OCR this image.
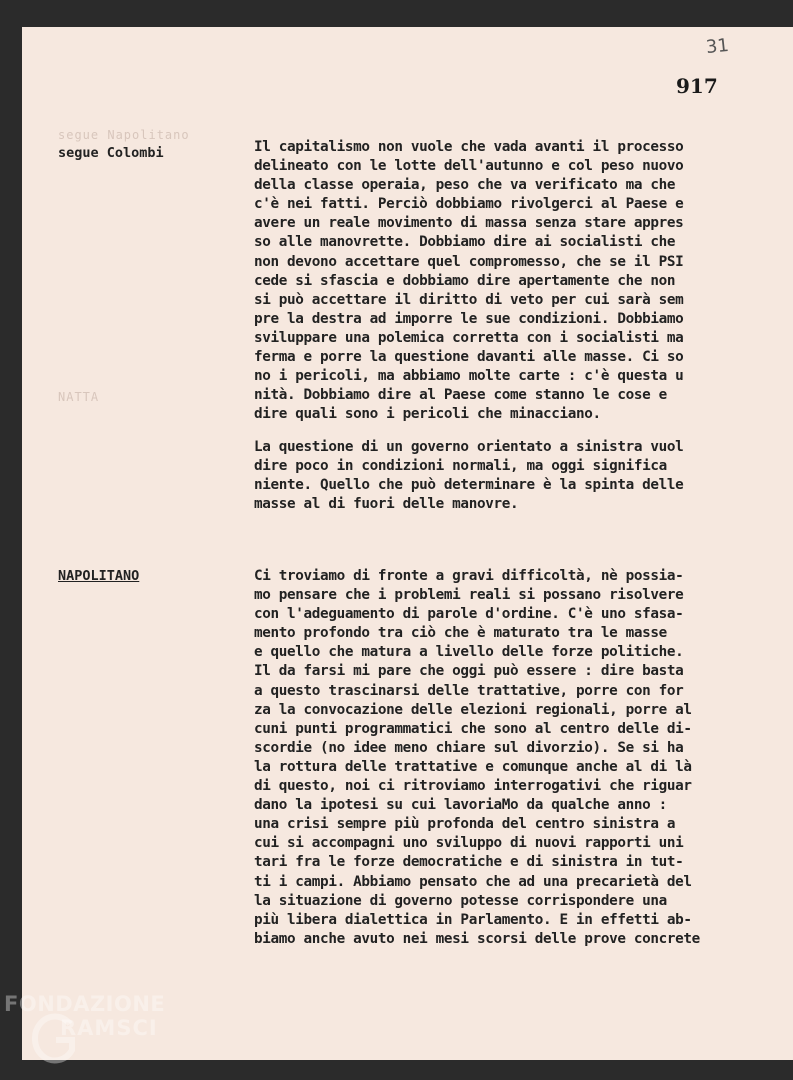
31
917
segue Napolitano
NATTA
segue Colombi	Il capitalismo non vuole che vada avanti il processo
delineato con le lotte dell'autunno e col peso nuovo
della classe operaia, peso che va verificato ma che
c'è nei fatti. Perciò dobbiamo rivolgerci al Paese e
avere un reale movimento di massa senza stare appres
so alle manovrette. Dobbiamo dire ai socialisti che
non devono accettare quel compromesso, che se il PSI
cede si sfascia e dobbiamo dire apertamente che non
si può accettare il diritto di veto per cui sarà sem
pre la destra ad imporre le sue condizioni. Dobbiamo
sviluppare una polemica corretta con i socialisti ma
ferma e porre la questione davanti alle masse. Ci so
no i pericoli, ma abbiamo molte carte : c'è questa u
nità. Dobbiamo dire al Paese come stanno le cose e
dire quali sono i pericoli che minacciano.

La questione di un governo orientato a sinistra vuol
dire poco in condizioni normali, ma oggi significa
niente. Quello che può determinare è la spinta delle
masse al di fuori delle manovre.

NAPOLITANO	Ci troviamo di fronte a gravi difficoltà, nè possia-
mo pensare che i problemi reali si possano risolvere
con l'adeguamento di parole d'ordine. C'è uno sfasa-
mento profondo tra ciò che è maturato tra le masse
e quello che matura a livello delle forze politiche.
Il da farsi mi pare che oggi può essere : dire basta
a questo trascinarsi delle trattative, porre con for
za la convocazione delle elezioni regionali, porre al
cuni punti programmatici che sono al centro delle di-
scordie (no idee meno chiare sul divorzio). Se si ha
la rottura delle trattative e comunque anche al di là
di questo, noi ci ritroviamo interrogativi che riguar
dano la ipotesi su cui lavoriaMo da qualche anno :
una crisi sempre più profonda del centro sinistra a
cui si accompagni uno sviluppo di nuovi rapporti uni
tari fra le forze democratiche e di sinistra in tut-
ti i campi. Abbiamo pensato che ad una precarietà del
la situazione di governo potesse corrispondere una
più libera dialettica in Parlamento. E in effetti ab-
biamo anche avuto nei mesi scorsi delle prove concrete

FONDAZIONE
RAMSCI
